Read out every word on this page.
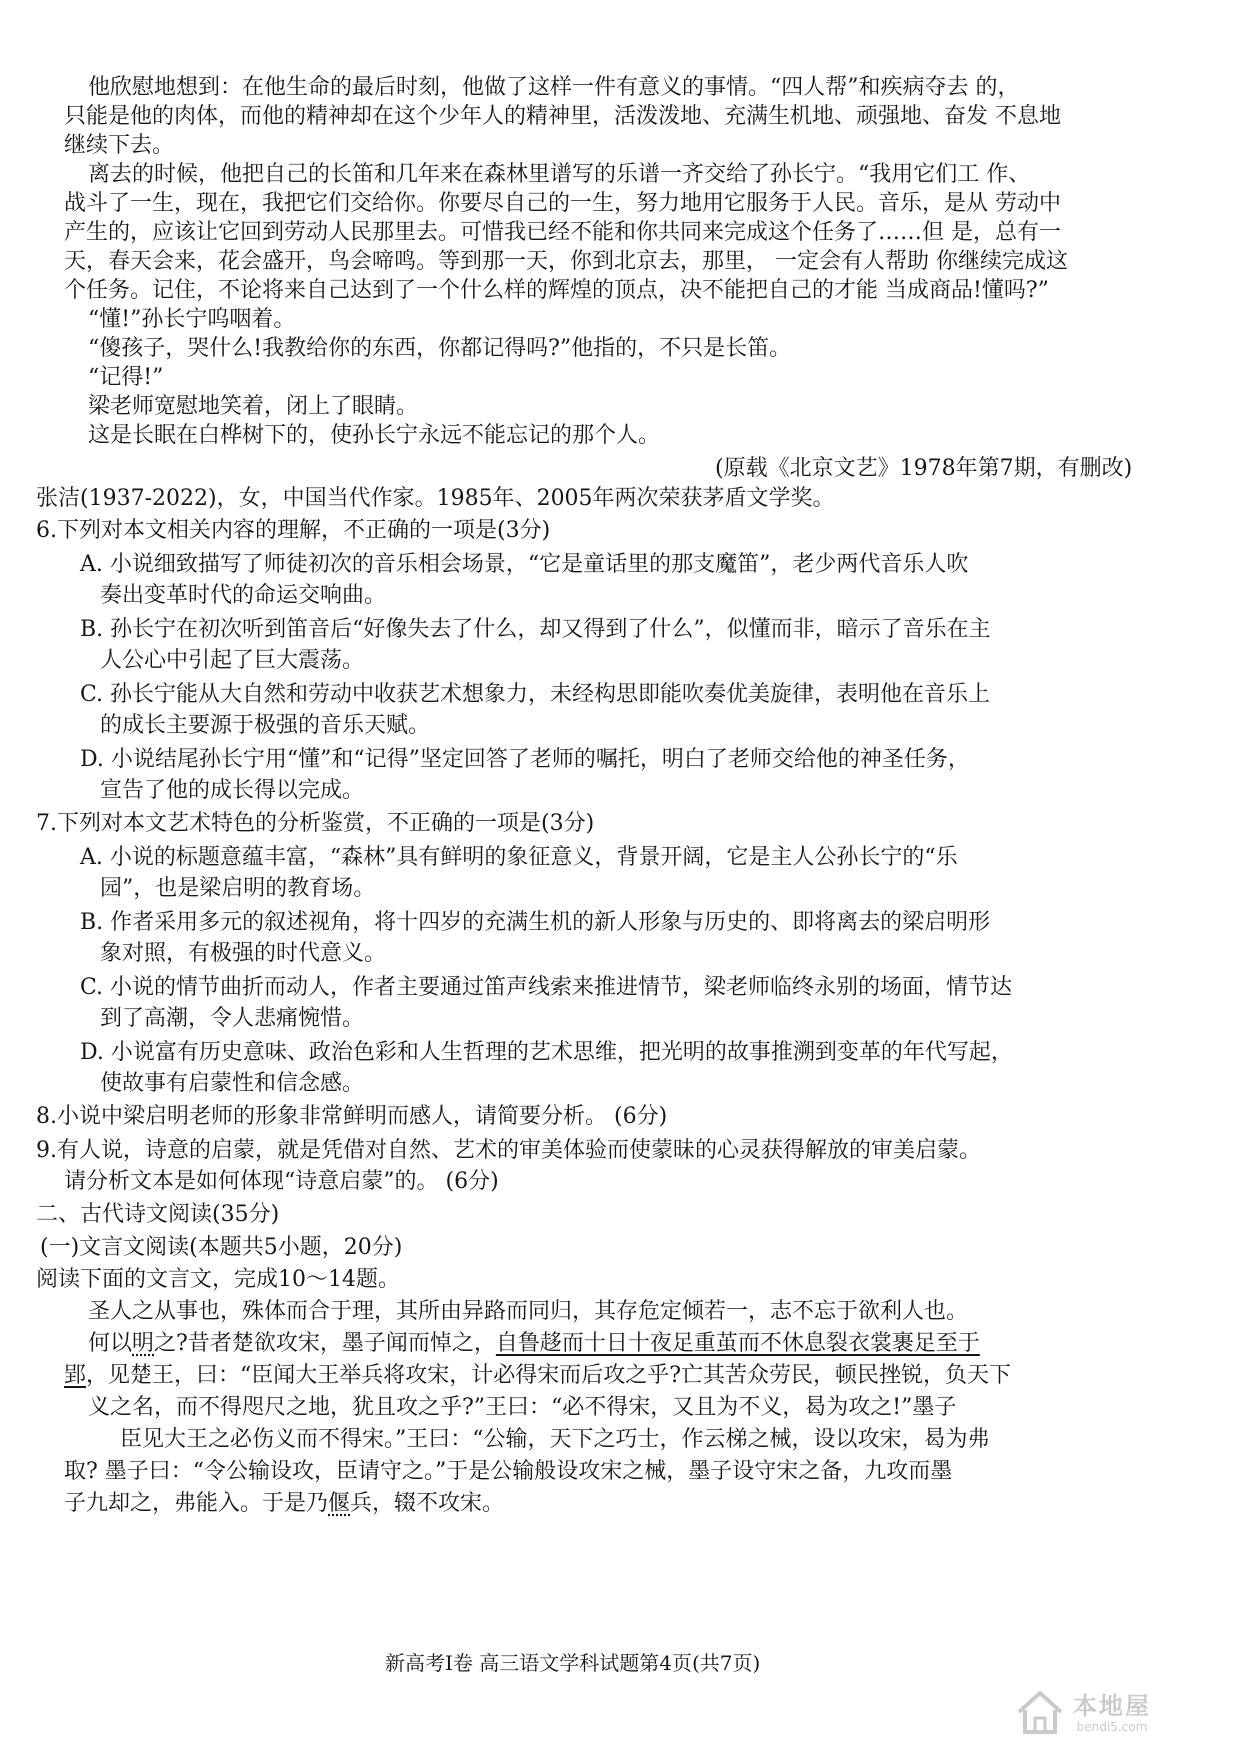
他欣慰地想到：在他生命的最后时刻，他做了这样一件有意义的事情。“四人帮”和疾病夺去 的，
只能是他的肉体，而他的精神却在这个少年人的精神里，活泼泼地、充满生机地、顽强地、奋发 不息地
继续下去。
离去的时候，他把自己的长笛和几年来在森林里谱写的乐谱一齐交给了孙长宁。“我用它们工 作、
战斗了一生，现在，我把它们交给你。你要尽自己的一生，努力地用它服务于人民。音乐，是从 劳动中
产生的，应该让它回到劳动人民那里去。可惜我已经不能和你共同来完成这个任务了……但 是，总有一
天，春天会来，花会盛开，鸟会啼鸣。等到那一天，你到北京去，那里， 一定会有人帮助 你继续完成这
个任务。记住，不论将来自己达到了一个什么样的辉煌的顶点，决不能把自己的才能 当成商品!懂吗?”
“懂!”孙长宁呜咽着。
“傻孩子，哭什么!我教给你的东西，你都记得吗?”他指的，不只是长笛。
“记得!”
梁老师宽慰地笑着，闭上了眼睛。
这是长眠在白桦树下的，使孙长宁永远不能忘记的那个人。
(原载《北京文艺》1978年第7期，有删改)
张洁(1937-2022)，女，中国当代作家。1985年、2005年两次荣获茅盾文学奖。
6.下列对本文相关内容的理解，不正确的一项是(3分)
A. 小说细致描写了师徒初次的音乐相会场景，“它是童话里的那支魔笛”，老少两代音乐人吹
奏出变革时代的命运交响曲。
B. 孙长宁在初次听到笛音后“好像失去了什么，却又得到了什么”，似懂而非，暗示了音乐在主
人公心中引起了巨大震荡。
C. 孙长宁能从大自然和劳动中收获艺术想象力，未经构思即能吹奏优美旋律，表明他在音乐上
的成长主要源于极强的音乐天赋。
D. 小说结尾孙长宁用“懂”和“记得”坚定回答了老师的嘱托，明白了老师交给他的神圣任务，
宣告了他的成长得以完成。
7.下列对本文艺术特色的分析鉴赏，不正确的一项是(3分)
A. 小说的标题意蕴丰富，“森林”具有鲜明的象征意义，背景开阔，它是主人公孙长宁的“乐
园”，也是梁启明的教育场。
B. 作者采用多元的叙述视角，将十四岁的充满生机的新人形象与历史的、即将离去的梁启明形
象对照，有极强的时代意义。
C. 小说的情节曲折而动人，作者主要通过笛声线索来推进情节，梁老师临终永别的场面，情节达
到了高潮，令人悲痛惋惜。
D. 小说富有历史意味、政治色彩和人生哲理的艺术思维，把光明的故事推溯到变革的年代写起，
使故事有启蒙性和信念感。
8.小说中梁启明老师的形象非常鲜明而感人，请简要分析。 (6分)
9.有人说，诗意的启蒙，就是凭借对自然、艺术的审美体验而使蒙昧的心灵获得解放的审美启蒙。
请分析文本是如何体现“诗意启蒙”的。 (6分)
二、古代诗文阅读(35分)
(一)文言文阅读(本题共5小题，20分)
阅读下面的文言文，完成10～14题。
圣人之从事也，殊体而合于理，其所由异路而同归，其存危定倾若一，志不忘于欲利人也。
何以明之?昔者楚欲攻宋，墨子闻而悼之，自鲁趍而十日十夜足重茧而不休息裂衣裳裹足至于
郢，见楚王，曰：“臣闻大王举兵将攻宋，计必得宋而后攻之乎?亡其苦众劳民，顿民挫锐，负天下
义之名，而不得咫尺之地，犹且攻之乎?”王曰：“必不得宋，又且为不义，曷为攻之!”墨子
臣见大王之必伤义而不得宋。”王曰：“公输，天下之巧士，作云梯之械，设以攻宋，曷为弗
取? 墨子曰：“令公输设攻，臣请守之。”于是公输般设攻宋之械，墨子设守宋之备，九攻而墨
子九却之，弗能入。于是乃偃兵，辍不攻宋。
新高考I卷 高三语文学科试题第4页(共7页)
本地屋
bendi5.com
